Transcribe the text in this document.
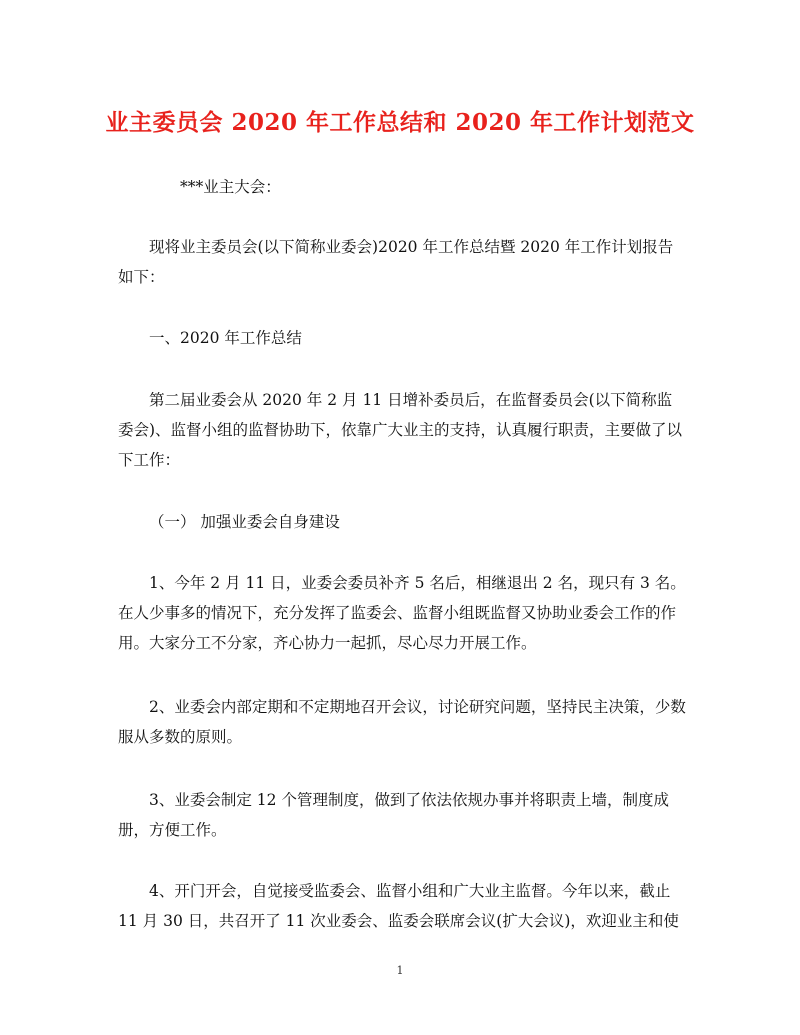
业主委员会 2020 年工作总结和 2020 年工作计划范文

***业主大会：

现将业主委员会(以下简称业委会)2020 年工作总结暨 2020 年工作计划报告如下：

一、2020 年工作总结

第二届业委会从 2020 年 2 月 11 日增补委员后，在监督委员会(以下简称监委会)、监督小组的监督协助下，依靠广大业主的支持，认真履行职责，主要做了以下工作：

（一） 加强业委会自身建设

1、今年 2 月 11 日，业委会委员补齐 5 名后，相继退出 2 名，现只有 3 名。在人少事多的情况下，充分发挥了监委会、监督小组既监督又协助业委会工作的作用。大家分工不分家，齐心协力一起抓，尽心尽力开展工作。

2、业委会内部定期和不定期地召开会议，讨论研究问题，坚持民主决策，少数服从多数的原则。

3、业委会制定 12 个管理制度，做到了依法依规办事并将职责上墙，制度成册，方便工作。

4、开门开会，自觉接受监委会、监督小组和广大业主监督。今年以来，截止 11 月 30 日，共召开了 11 次业委会、监委会联席会议(扩大会议)，欢迎业主和使

1
